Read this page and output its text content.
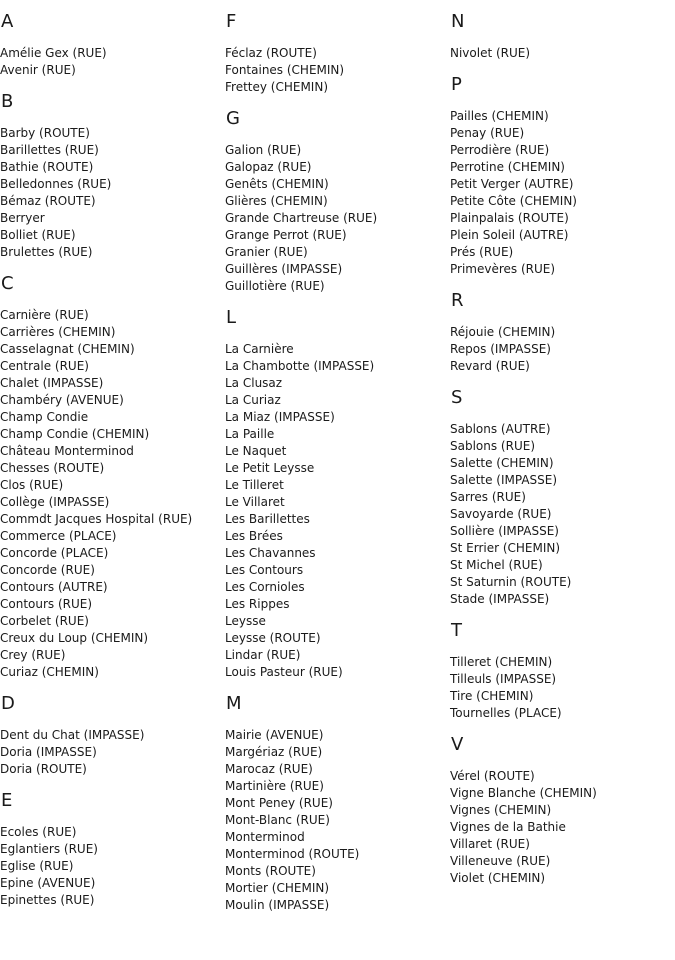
A
Amélie Gex (RUE)
Avenir (RUE)
B
Barby (ROUTE)
Barillettes (RUE)
Bathie (ROUTE)
Belledonnes (RUE)
Bémaz (ROUTE)
Berryer
Bolliet (RUE)
Brulettes (RUE)
C
Carnière (RUE)
Carrières (CHEMIN)
Casselagnat (CHEMIN)
Centrale (RUE)
Chalet (IMPASSE)
Chambéry (AVENUE)
Champ Condie
Champ Condie (CHEMIN)
Château Monterminod
Chesses (ROUTE)
Clos (RUE)
Collège (IMPASSE)
Commdt Jacques Hospital (RUE)
Commerce (PLACE)
Concorde (PLACE)
Concorde (RUE)
Contours (AUTRE)
Contours (RUE)
Corbelet (RUE)
Creux du Loup (CHEMIN)
Crey (RUE)
Curiaz (CHEMIN)
D
Dent du Chat (IMPASSE)
Doria (IMPASSE)
Doria (ROUTE)
E
Ecoles (RUE)
Eglantiers (RUE)
Eglise (RUE)
Epine (AVENUE)
Epinettes (RUE)
F
Féclaz (ROUTE)
Fontaines (CHEMIN)
Frettey (CHEMIN)
G
Galion (RUE)
Galopaz (RUE)
Genêts (CHEMIN)
Glières (CHEMIN)
Grande Chartreuse (RUE)
Grange Perrot (RUE)
Granier (RUE)
Guillères (IMPASSE)
Guillotière (RUE)
L
La Carnière
La Chambotte (IMPASSE)
La Clusaz
La Curiaz
La Miaz (IMPASSE)
La Paille
Le Naquet
Le Petit Leysse
Le Tilleret
Le Villaret
Les Barillettes
Les Brées
Les Chavannes
Les Contours
Les Cornioles
Les Rippes
Leysse
Leysse (ROUTE)
Lindar (RUE)
Louis Pasteur (RUE)
M
Mairie (AVENUE)
Margériaz (RUE)
Marocaz (RUE)
Martinière (RUE)
Mont Peney (RUE)
Mont-Blanc (RUE)
Monterminod
Monterminod (ROUTE)
Monts (ROUTE)
Mortier (CHEMIN)
Moulin (IMPASSE)
N
Nivolet (RUE)
P
Pailles (CHEMIN)
Penay (RUE)
Perrodière (RUE)
Perrotine (CHEMIN)
Petit Verger (AUTRE)
Petite Côte (CHEMIN)
Plainpalais (ROUTE)
Plein Soleil (AUTRE)
Prés (RUE)
Primevères (RUE)
R
Réjouie (CHEMIN)
Repos (IMPASSE)
Revard (RUE)
S
Sablons (AUTRE)
Sablons (RUE)
Salette (CHEMIN)
Salette (IMPASSE)
Sarres (RUE)
Savoyarde (RUE)
Sollière (IMPASSE)
St Errier (CHEMIN)
St Michel (RUE)
St Saturnin (ROUTE)
Stade (IMPASSE)
T
Tilleret (CHEMIN)
Tilleuls (IMPASSE)
Tire (CHEMIN)
Tournelles (PLACE)
V
Vérel (ROUTE)
Vigne Blanche (CHEMIN)
Vignes (CHEMIN)
Vignes de la Bathie
Villaret (RUE)
Villeneuve (RUE)
Violet (CHEMIN)
